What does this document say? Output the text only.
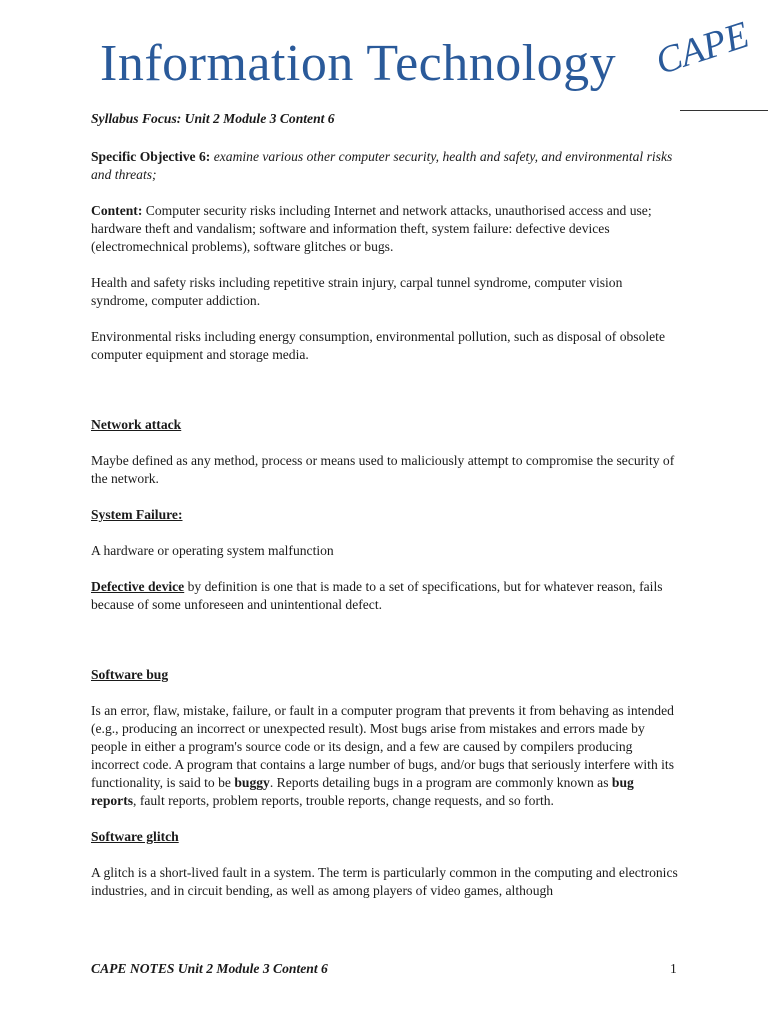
Information Technology CAPE

Syllabus Focus: Unit 2 Module 3 Content 6

Specific Objective 6: examine various other computer security, health and safety, and environmental risks and threats;

Content: Computer security risks including Internet and network attacks, unauthorised access and use; hardware theft and vandalism; software and information theft, system failure: defective devices (electromechnical problems), software glitches or bugs.

Health and safety risks including repetitive strain injury, carpal tunnel syndrome, computer vision syndrome, computer addiction.

Environmental risks including energy consumption, environmental pollution, such as disposal of obsolete computer equipment and storage media.

Network attack

Maybe defined as any method, process or means used to maliciously attempt to compromise the security of the network.

System Failure:

A hardware or operating system malfunction

Defective device by definition is one that is made to a set of specifications, but for whatever reason, fails because of some unforeseen and unintentional defect.

Software bug

Is an error, flaw, mistake, failure, or fault in a computer program that prevents it from behaving as intended (e.g., producing an incorrect or unexpected result). Most bugs arise from mistakes and errors made by people in either a program's source code or its design, and a few are caused by compilers producing incorrect code. A program that contains a large number of bugs, and/or bugs that seriously interfere with its functionality, is said to be buggy. Reports detailing bugs in a program are commonly known as bug reports, fault reports, problem reports, trouble reports, change requests, and so forth.

Software glitch

A glitch is a short-lived fault in a system. The term is particularly common in the computing and electronics industries, and in circuit bending, as well as among players of video games, although

CAPE NOTES Unit 2 Module 3 Content 6	1
